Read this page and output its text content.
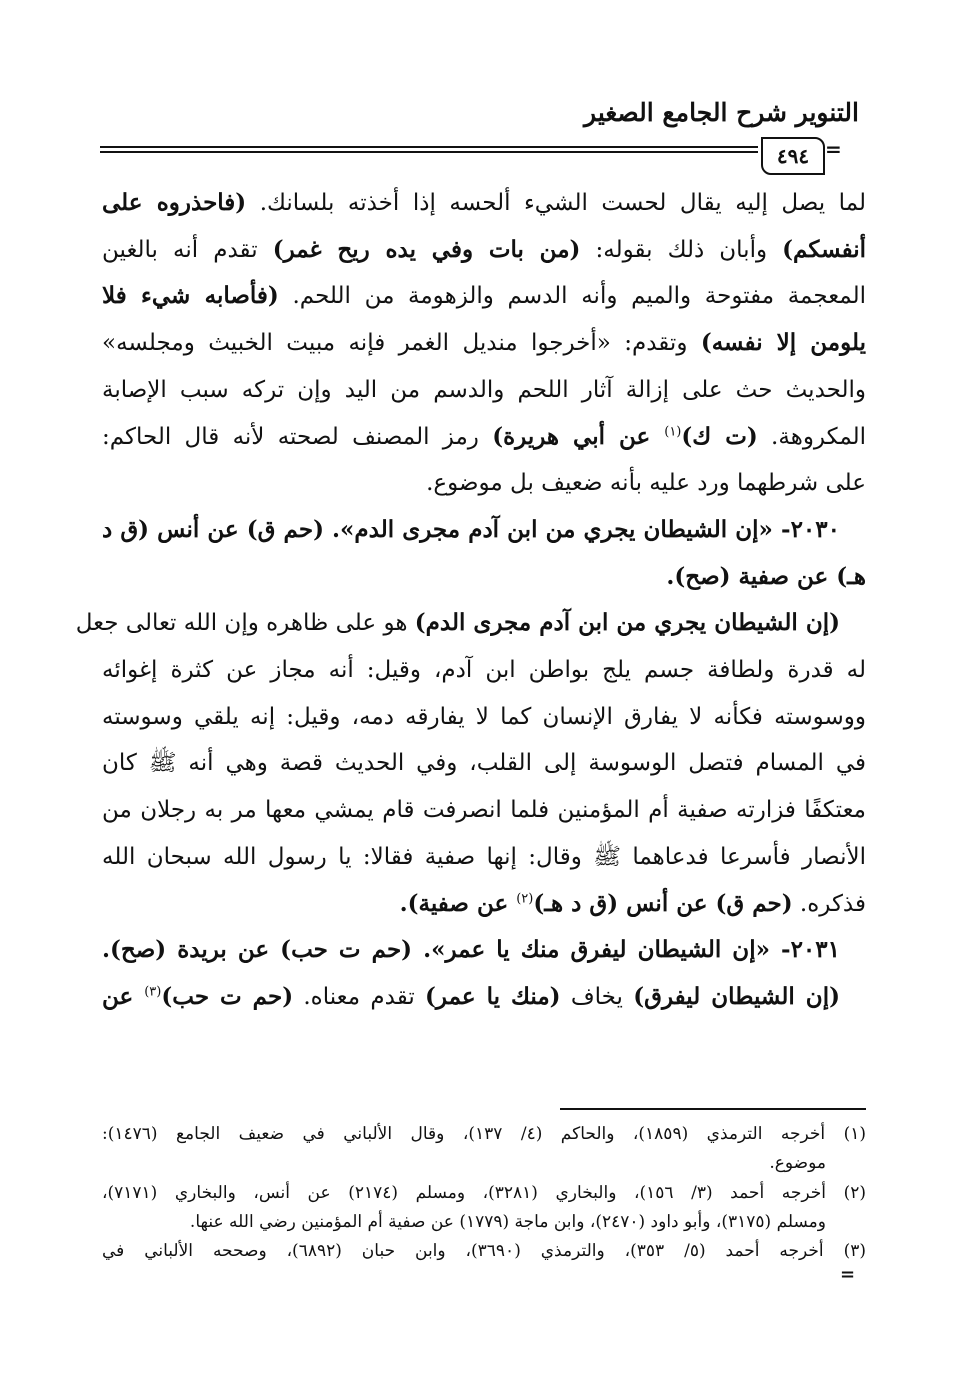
التنوير شرح الجامع الصغير
٤٩٤ =
لما يصل إليه يقال لحست الشيء ألحسه إذا أخذته بلسانك. (فاحذروه على
أنفسكم) وأبان ذلك بقوله: (من بات وفي يده ريح غمر) تقدم أنه بالغين
المعجمة مفتوحة والميم وأنه الدسم والزهومة من اللحم. (فأصابه شيء فلا
يلومن إلا نفسه) وتقدم: «أخرجوا منديل الغمر فإنه مبيت الخبيث ومجلسه»
والحديث حث على إزالة آثار اللحم والدسم من اليد وإن تركه سبب الإصابة
المكروهة. (ت ك)$^{(١)}$ عن أبي هريرة) رمز المصنف لصحته لأنه قال الحاكم:
على شرطهما ورد عليه بأنه ضعيف بل موضوع.
٢٠٣٠- «إن الشيطان يجري من ابن آدم مجرى الدم». (حم ق) عن أنس (ق د
هـ) عن صفية (صح).
(إن الشيطان يجري من ابن آدم مجرى الدم) هو على ظاهره وإن الله تعالى جعل
له قدرة ولطافة جسم يلج بواطن ابن آدم، وقيل: أنه مجاز عن كثرة إغوائه
ووسوسته فكأنه لا يفارق الإنسان كما لا يفارقه دمه، وقيل: إنه يلقي وسوسته
في المسام فتصل الوسوسة إلى القلب، وفي الحديث قصة وهي أنه ﷺ كان
معتكفًا فزارته صفية أم المؤمنين فلما انصرفت قام يمشي معها مر به رجلان من
الأنصار فأسرعا فدعاهما ﷺ وقال: إنها صفية فقالا: يا رسول الله سبحان الله
فذكره. (حم ق) عن أنس (ق د هـ)$^{(٢)}$ عن صفية).
٢٠٣١- «إن الشيطان ليفرق منك يا عمر». (حم ت حب) عن بريدة (صح).
(إن الشيطان ليفرق) يخاف (منك يا عمر) تقدم معناه. (حم ت حب)$^{(٣)}$ عن
(١) أخرجه الترمذي (١٨٥٩)، والحاكم (٤/ ١٣٧)، وقال الألباني في ضعيف الجامع (١٤٧٦):
موضوع.
(٢) أخرجه أحمد (٣/ ١٥٦)، والبخاري (٣٢٨١)، ومسلم (٢١٧٤) عن أنس، والبخاري (٧١٧١)،
ومسلم (٣١٧٥)، وأبو داود (٢٤٧٠)، وابن ماجة (١٧٧٩) عن صفية أم المؤمنين رضي الله عنها.
(٣) أخرجه أحمد (٥/ ٣٥٣)، والترمذي (٣٦٩٠)، وابن حبان (٦٨٩٢)، وصححه الألباني في
=
